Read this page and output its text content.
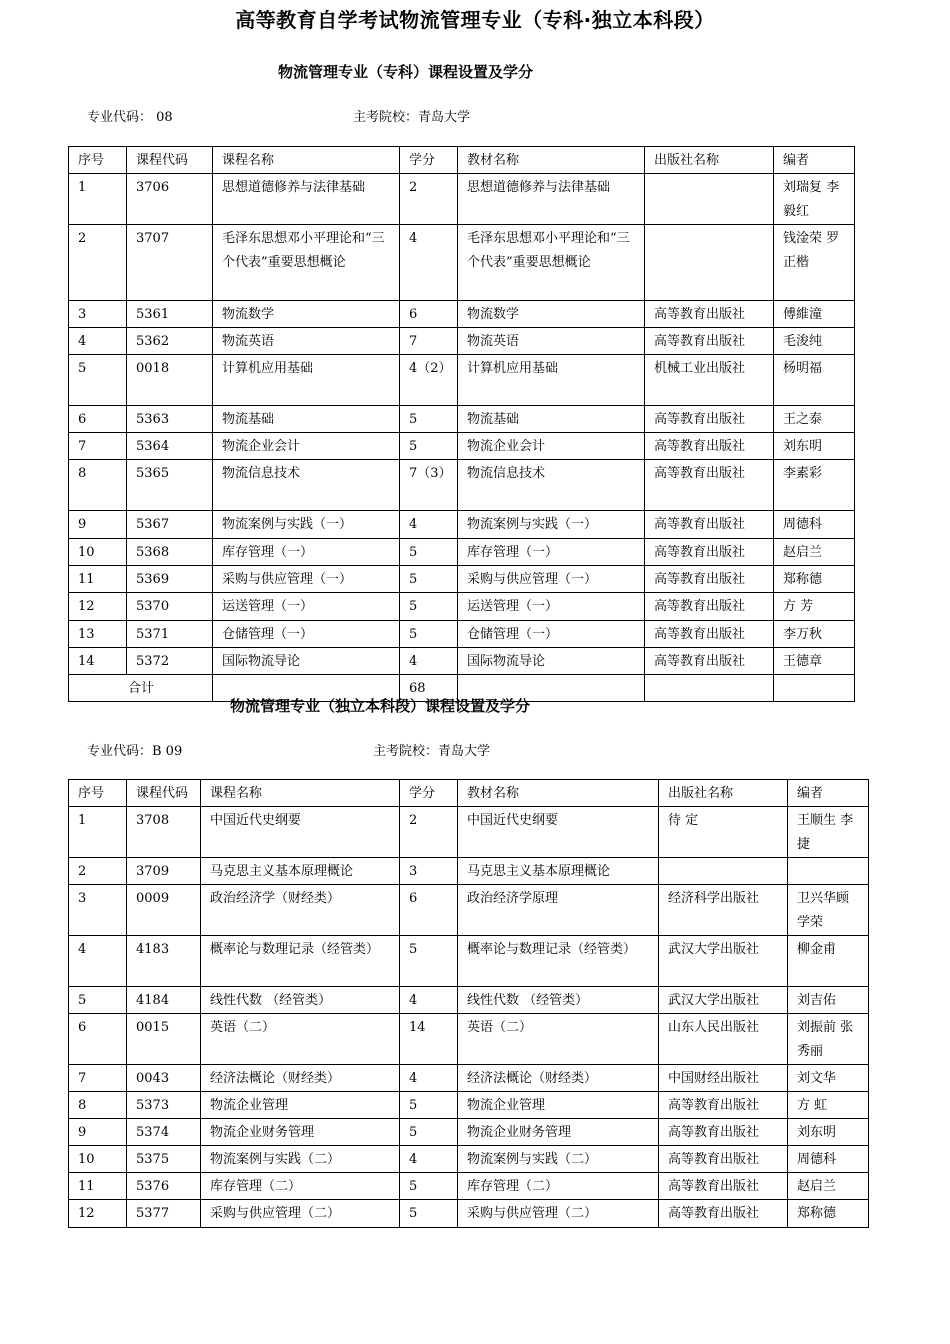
高等教育自学考试物流管理专业（专科·独立本科段）
物流管理专业（专科）课程设置及学分
专业代码： 08	主考院校：青岛大学
序号	课程代码	课程名称	学分	教材名称	出版社名称	编者
1	3706	思想道德修养与法律基础	2	思想道德修养与法律基础		刘瑞复 李毅红
2	3707	毛泽东思想邓小平理论和“三个代表”重要思想概论	4	毛泽东思想邓小平理论和“三个代表”重要思想概论		钱淦荣 罗正楷
3	5361	物流数学	6	物流数学	高等教育出版社	傅維潼
4	5362	物流英语	7	物流英语	高等教育出版社	毛浚纯
5	0018	计算机应用基础	4（2）	计算机应用基础	机械工业出版社	杨明福
6	5363	物流基础	5	物流基础	高等教育出版社	王之泰
7	5364	物流企业会计	5	物流企业会计	高等教育出版社	刘东明
8	5365	物流信息技术	7（3）	物流信息技术	高等教育出版社	李素彩
9	5367	物流案例与实践（一）	4	物流案例与实践（一）	高等教育出版社	周德科
10	5368	库存管理（一）	5	库存管理（一）	高等教育出版社	赵启兰
11	5369	采购与供应管理（一）	5	采购与供应管理（一）	高等教育出版社	郑称德
12	5370	运送管理（一）	5	运送管理（一）	高等教育出版社	方 芳
13	5371	仓储管理（一）	5	仓储管理（一）	高等教育出版社	李万秋
14	5372	国际物流导论	4	国际物流导论	高等教育出版社	王德章
合计			68			
物流管理专业（独立本科段）课程设置及学分
专业代码：B 09	主考院校：青岛大学
序号	课程代码	课程名称	学分	教材名称	出版社名称	编者
1	3708	中国近代史纲要	2	中国近代史纲要	待 定	王顺生 李捷
2	3709	马克思主义基本原理概论	3	马克思主义基本原理概论		
3	0009	政治经济学（财经类）	6	政治经济学原理	经济科学出版社	卫兴华顾学荣
4	4183	概率论与数理记录（经管类）	5	概率论与数理记录（经管类）	武汉大学出版社	柳金甫
5	4184	线性代数 （经管类）	4	线性代数 （经管类）	武汉大学出版社	刘吉佑
6	0015	英语（二）	14	英语（二）	山东人民出版社	刘振前 张秀丽
7	0043	经济法概论（财经类）	4	经济法概论（财经类）	中国财经出版社	刘文华
8	5373	物流企业管理	5	物流企业管理	高等教育出版社	方 虹
9	5374	物流企业财务管理	5	物流企业财务管理	高等教育出版社	刘东明
10	5375	物流案例与实践（二）	4	物流案例与实践（二）	高等教育出版社	周德科
11	5376	库存管理（二）	5	库存管理（二）	高等教育出版社	赵启兰
12	5377	采购与供应管理（二）	5	采购与供应管理（二）	高等教育出版社	郑称德
